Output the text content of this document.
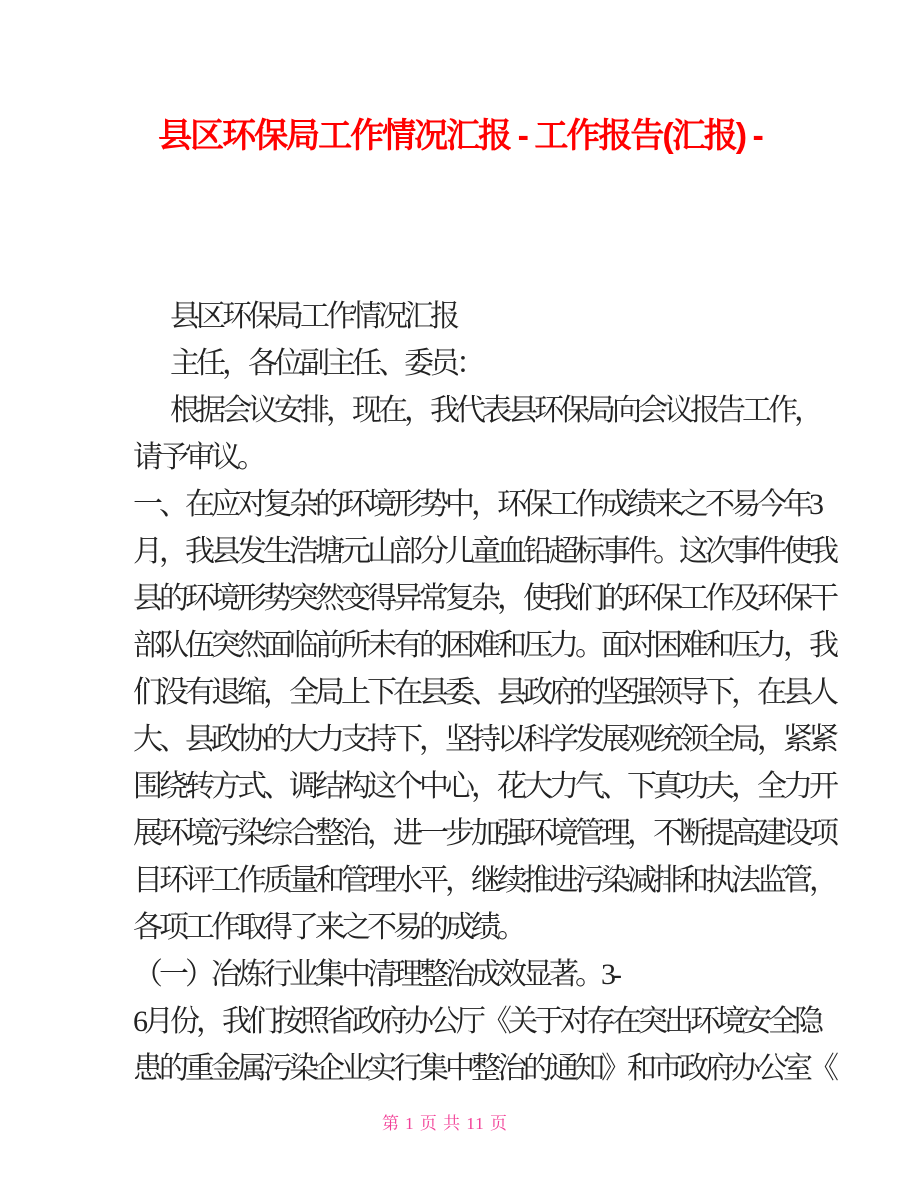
县区环保局工作情况汇报 - 工作报告(汇报) -
县区环保局工作情况汇报
主任，各位副主任、委员：
根据会议安排，现在，我代表县环保局向会议报告工作，
请予审议。
一、在应对复杂的环境形势中，环保工作成绩来之不易今年3
月，我县发生浩塘元山部分儿童血铅超标事件。这次事件使我
县的环境形势突然变得异常复杂，使我们的环保工作及环保干
部队伍突然面临前所未有的困难和压力。面对困难和压力，我
们没有退缩，全局上下在县委、县政府的坚强领导下，在县人
大、县政协的大力支持下，坚持以科学发展观统领全局，紧紧
围绕转方式、调结构这个中心，花大力气、下真功夫，全力开
展环境污染综合整治，进一步加强环境管理，不断提高建设项
目环评工作质量和管理水平，继续推进污染减排和执法监管，
各项工作取得了来之不易的成绩。
（一）冶炼行业集中清理整治成效显著。3-
6月份，我们按照省政府办公厅《关于对存在突出环境安全隐
患的重金属污染企业实行集中整治的通知》和市政府办公室《
第 1 页 共 11 页
